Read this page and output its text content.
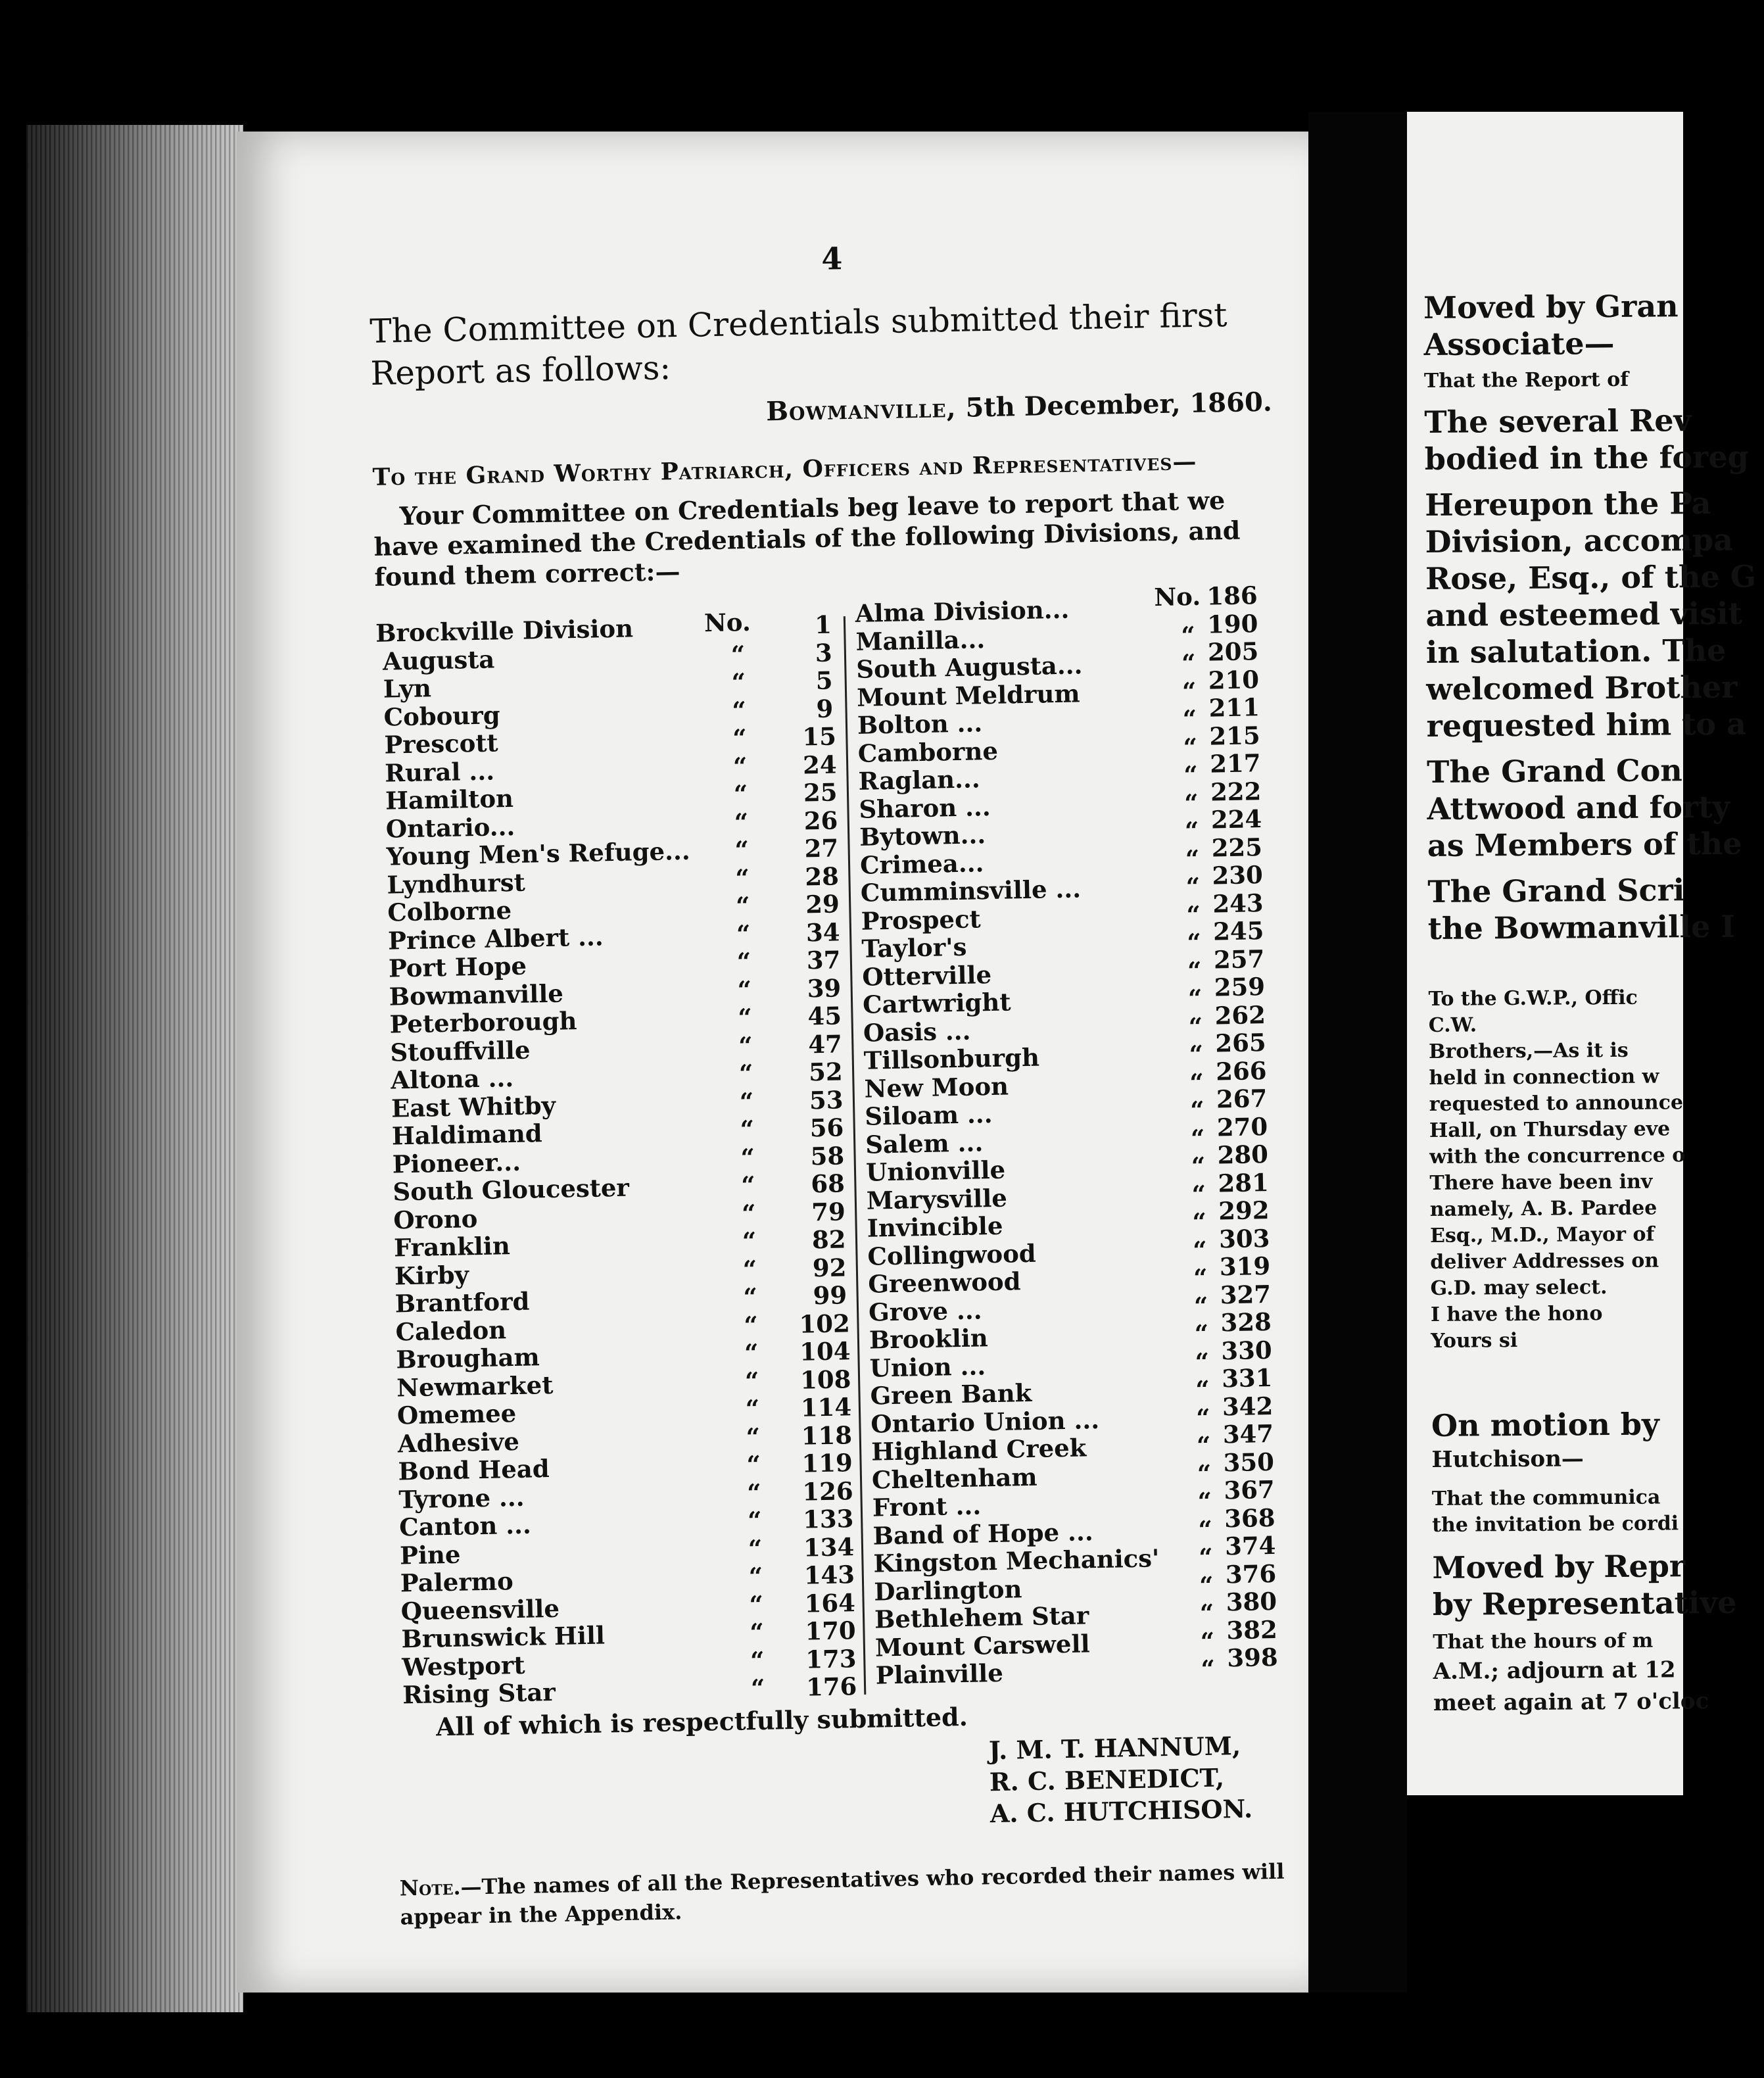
4
The Committee on Credentials submitted their first Report as follows:
Bowmanville, 5th December, 1860.
To the Grand Worthy Patriarch, Officers and Representatives—
Your Committee on Credentials beg leave to report that we have examined the Credentials of the following Divisions, and found them correct:—
Brockville Division	No.	1
Augusta	“	3
Lyn	“	5
Cobourg	“	9
Prescott	“ 15
Rural ...	“ 24
Hamilton	“ 25
Ontario...	“ 26
Young Men's Refuge... “ 27
Lyndhurst	“ 28
Colborne	“ 29
Prince Albert ...	“ 34
Port Hope	“ 37
Bowmanville	“ 39
Peterborough	“ 45
Stouffville	“ 47
Altona ...	“ 52
East Whitby	“ 53
Haldimand	“ 56
Pioneer...	“ 58
South Gloucester	“ 68
Orono	“ 79
Franklin	“ 82
Kirby	“ 92
Brantford	“ 99
Caledon	“ 102
Brougham	“ 104
Newmarket	“ 108
Omemee	“ 114
Adhesive	“ 118
Bond Head	“ 119
Tyrone ...	“ 126
Canton ...	“ 133
Pine	“ 134
Palermo	“ 143
Queensville	“ 164
Brunswick Hill	“ 170
Westport	“ 173
Rising Star	“ 176
Alma Division...	No. 186
Manilla...	“ 190
South Augusta...	“ 205
Mount Meldrum	“ 210
Bolton ...	“ 211
Camborne	“ 215
Raglan...	“ 217
Sharon ...	“ 222
Bytown...	“ 224
Crimea...	“ 225
Cumminsville ...	“ 230
Prospect	“ 243
Taylor's	“ 245
Otterville	“ 257
Cartwright	“ 259
Oasis ...	“ 262
Tillsonburgh	“ 265
New Moon	“ 266
Siloam ...	“ 267
Salem ...	“ 270
Unionville	“ 280
Marysville	“ 281
Invincible	“ 292
Collingwood	“ 303
Greenwood	“ 319
Grove ...	“ 327
Brooklin	“ 328
Union ...	“ 330
Green Bank	“ 331
Ontario Union ...	“ 342
Highland Creek	“ 347
Cheltenham	“ 350
Front ...	“ 367
Band of Hope ...	“ 368
Kingston Mechanics' “ 374
Darlington	“ 376
Bethlehem Star	“ 380
Mount Carswell	“ 382
Plainville	“ 398
All of which is respectfully submitted.
J. M. T. HANNUM,
R. C. BENEDICT,
A. C. HUTCHISON.
Note.—The names of all the Representatives who recorded their names will appear in the Appendix.
Moved by Gran
Associate—
That the Report of
The several Rev
bodied in the foreg
Hereupon the Pa
Division, accompa
Rose, Esq., of the G
and esteemed visit
in salutation. The
welcomed Brother
requested him to a
The Grand Con
Attwood and forty
as Members of the
The Grand Scri
the Bowmanville I
To the G.W.P., Offic
C.W.
Brothers,—As it is
held in connection w
requested to announce
Hall, on Thursday eve
with the concurrence o
There have been inv
namely, A. B. Pardee
Esq., M.D., Mayor of
deliver Addresses on
G.D. may select.
I have the hono
Yours si
On motion by
Hutchison—
That the communica
the invitation be cordi
Moved by Repr
by Representative
That the hours of m
A.M.; adjourn at 12
meet again at 7 o'cloc
